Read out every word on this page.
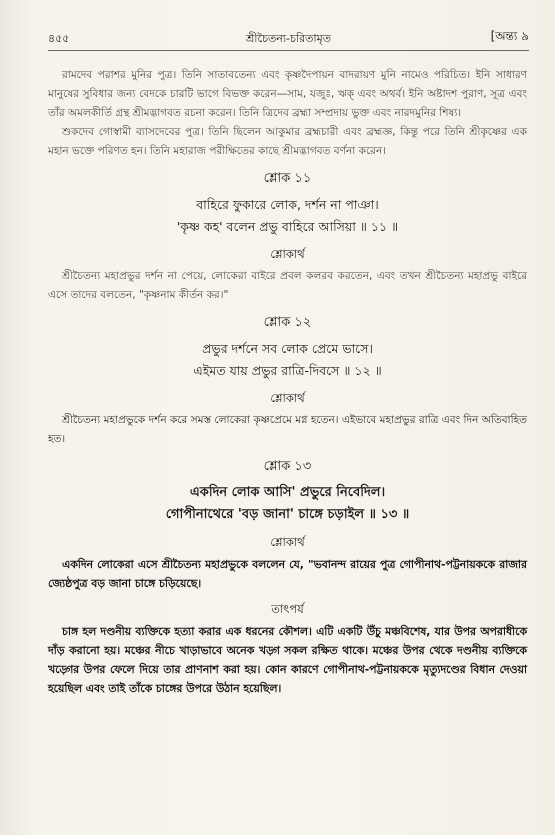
৪৫৫	শ্রীচৈতন্য-চরিতামৃত	[অন্ত্য ৯

রামদেব পরাশর মুনির পুত্র। তিনি সাতাবতেন্য এবং কৃষ্ণদৈপায়ন বাদরায়ণ মুনি নামেও পরিচিত। ইনি সাধারণ মানুষের সুবিধার জন্য বেদকে চারটি ভাগে বিভক্ত করেন—সাম, যজুঃ, ঋক্ এবং অথর্ব। ইনি অষ্টাদশ পুরাণ, সূত্র এবং তাঁর অমলকীর্তি গ্রন্থ শ্রীমদ্ভাগবত রচনা করেন। তিনি ত্রিদেব ব্রহ্মা সম্প্রদায় ভুক্ত এবং নারদমুনির শিষ্য।

শুকদেব গোস্বামী ব্যাসদেবের পুত্র। তিনি ছিলেন আকুমার ব্রহ্মচারী এবং ব্রহ্মজ্ঞ, কিন্তু পরে তিনি শ্রীকৃষ্ণের এক মহান ভক্তে পরিণত হন। তিনি মহারাজ পরীক্ষিতের কাছে শ্রীমদ্ভাগবত বর্ণনা করেন।

শ্লোক ১১

বাহিরে ফুকারে লোক, দর্শন না পাঞা।

'কৃষ্ণ কহ' বলেন প্রভু বাহিরে আসিয়া ॥ ১১ ॥

শ্লোকার্থ

শ্রীচৈতন্য মহাপ্রভুর দর্শন না পেয়ে, লোকেরা বাইরে প্রবল কলরব করতেন, এবং তখন শ্রীচৈতন্য মহাপ্রভু বাইরে এসে তাদের বলতেন, "কৃষ্ণনাম কীর্তন কর।"

শ্লোক ১২

প্রভুর দর্শনে সব লোক প্রেমে ভাসে।

এইমত যায় প্রভুর রাত্রি-দিবসে ॥ ১২ ॥

শ্লোকার্থ

শ্রীচৈতন্য মহাপ্রভুকে দর্শন করে সমস্ত লোকেরা কৃষ্ণপ্রেমে মগ্ন হতেন। এইভাবে মহাপ্রভুর রাত্রি এবং দিন অতিবাহিত হত।

শ্লোক ১৩

একদিন লোক আসি' প্রভুরে নিবেদিল।

গোপীনাথেরে 'বড় জানা' চাঙ্গে চড়াইল ॥ ১৩ ॥

শ্লোকার্থ

একদিন লোকেরা এসে শ্রীচৈতন্য মহাপ্রভুকে বললেন যে, "ভবানন্দ রায়ের পুত্র গোপীনাথ-পট্টনায়ককে রাজার জ্যেষ্ঠপুত্র বড় জানা চাঙ্গে চড়িয়েছে।

তাৎপর্য

চাঙ্গ হল দণ্ডনীয় ব্যক্তিকে হত্যা করার এক ধরনের কৌশল। এটি একটি উঁচু মঞ্চবিশেষ, যার উপর অপরাধীকে দাঁড় করানো হয়। মঞ্চের নীচে খাড়াভাবে অনেক খড়্গ সকল রক্ষিত থাকে। মঞ্চের উপর থেকে দণ্ডনীয় ব্যক্তিকে খড়্গের উপর ফেলে দিয়ে তার প্রাণনাশ করা হয়। কোন কারণে গোপীনাথ-পট্টনায়ককে মৃত্যুদণ্ডের বিধান দেওয়া হয়েছিল এবং তাই তাঁকে চাঙ্গের উপরে উঠান হয়েছিল।
